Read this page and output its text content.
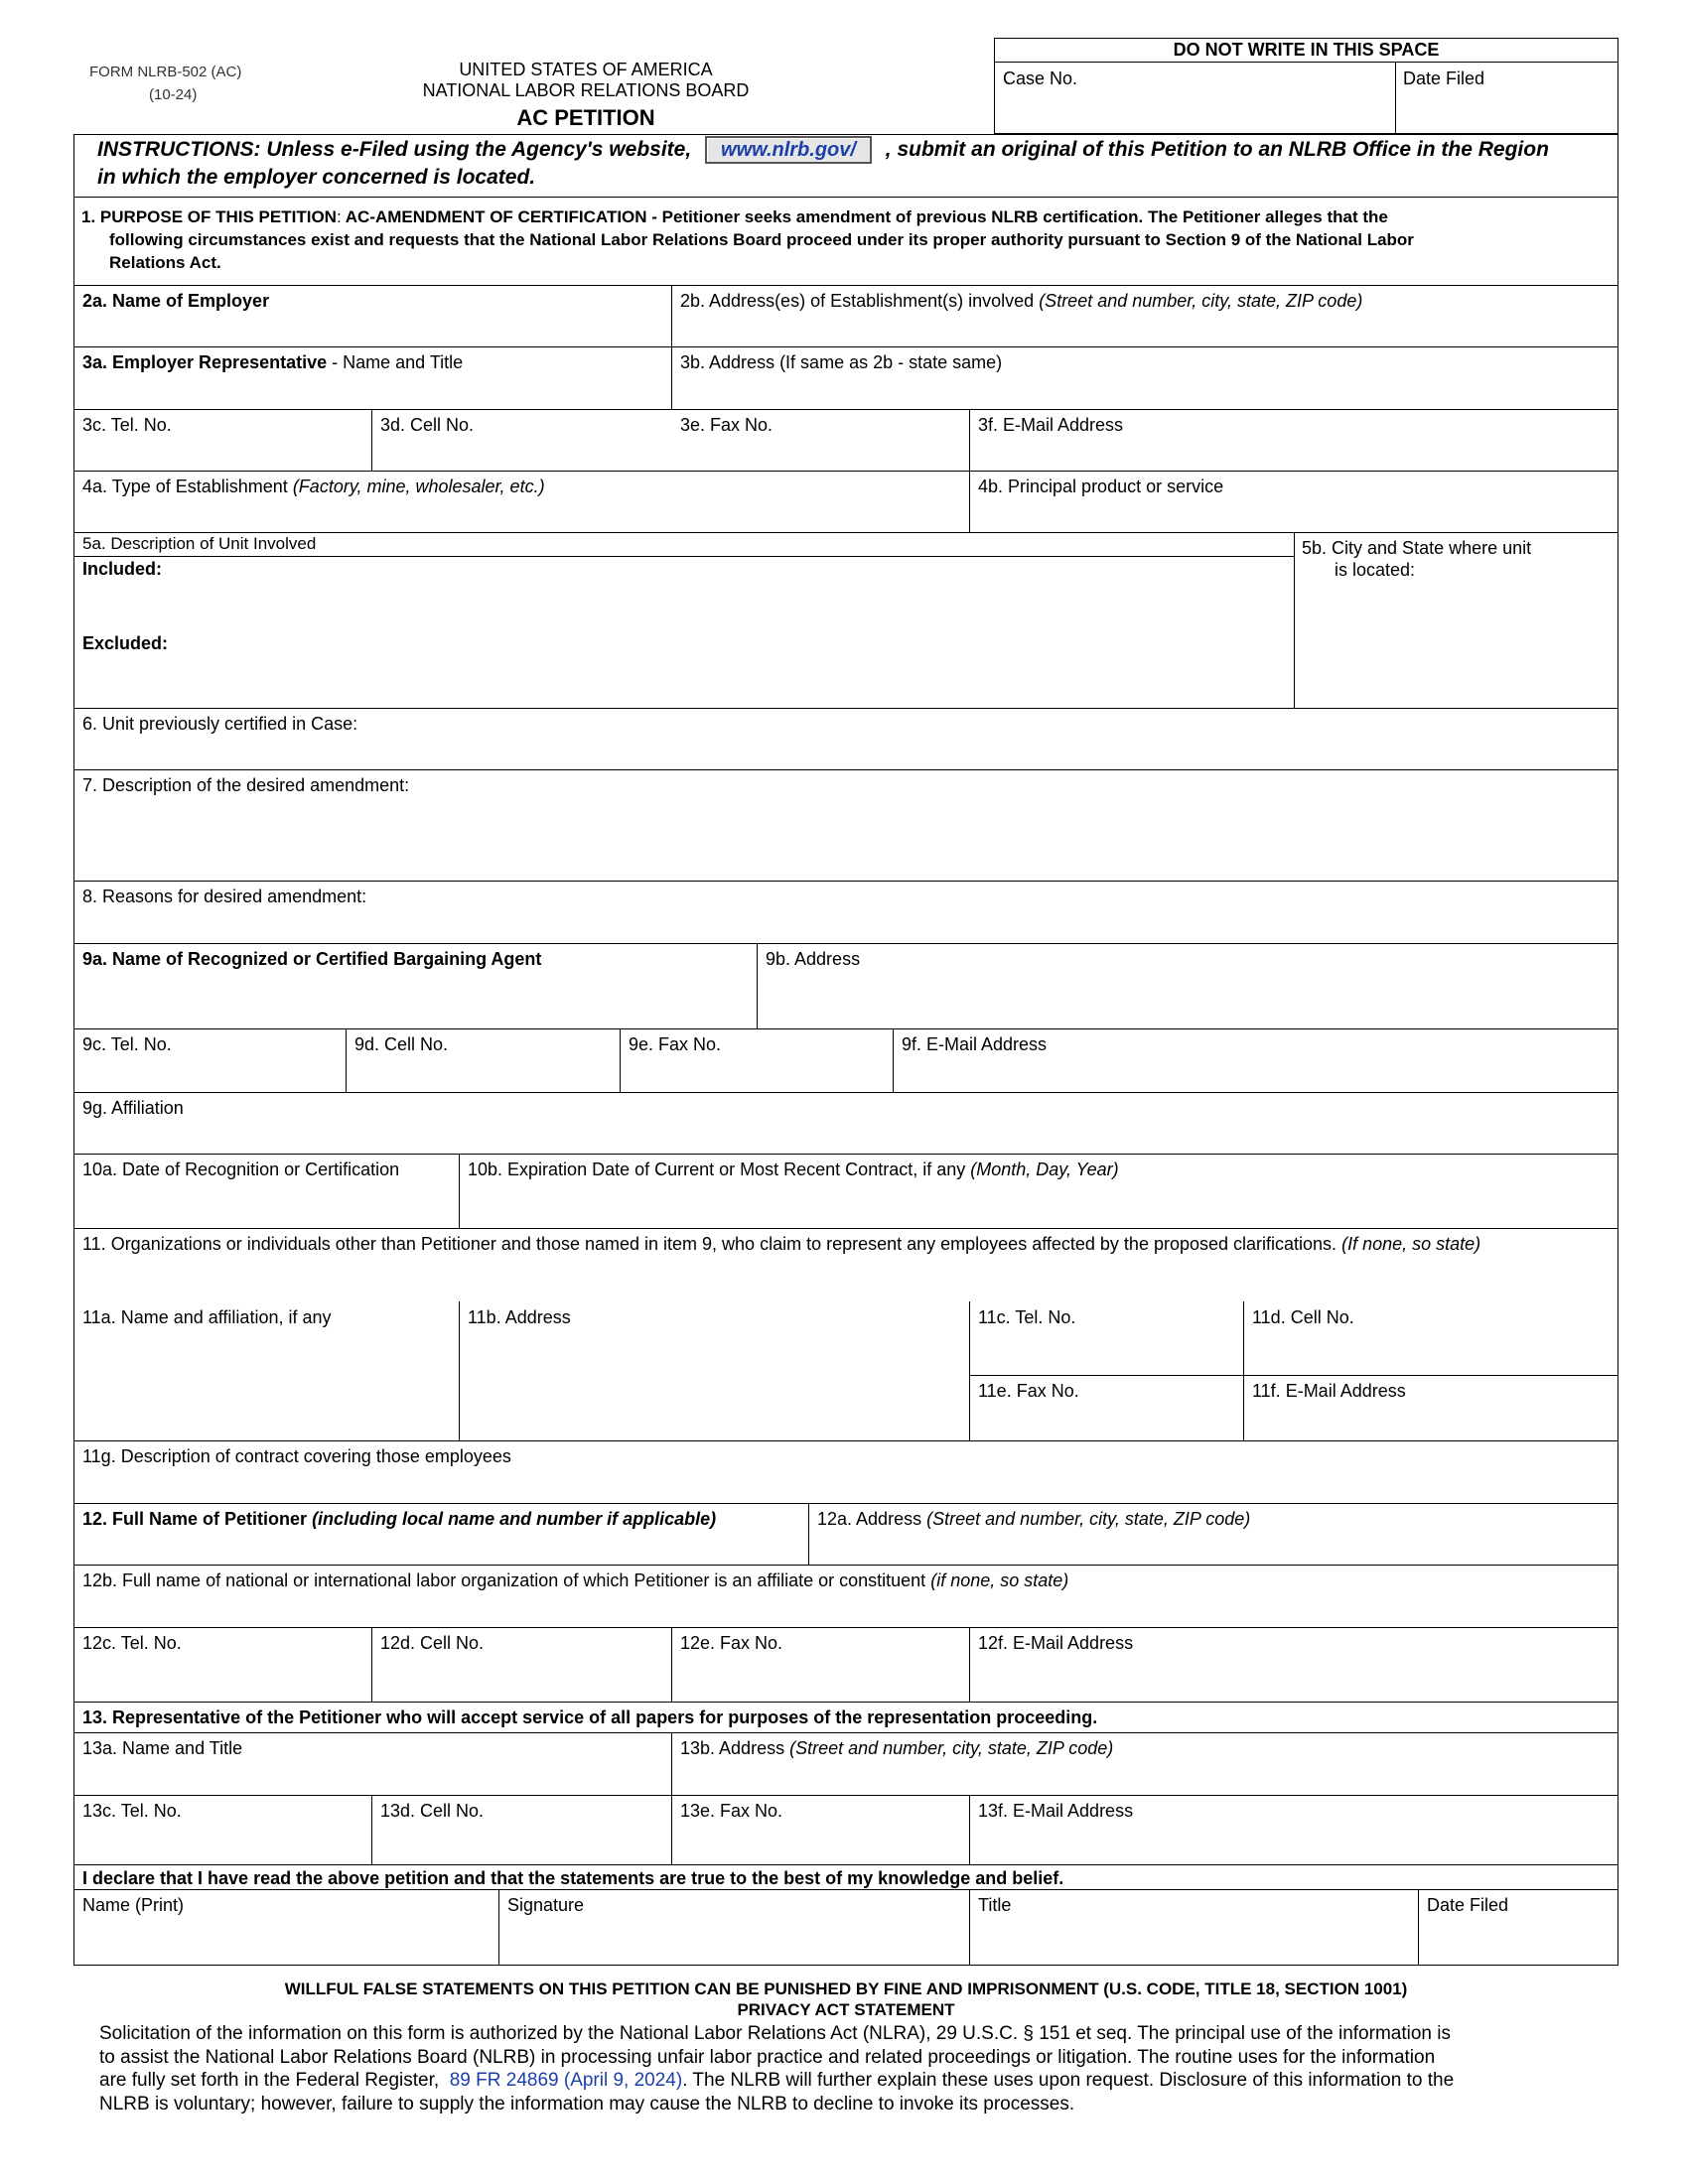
FORM NLRB-502 (AC)
(10-24)
UNITED STATES OF AMERICA
NATIONAL LABOR RELATIONS BOARD
AC PETITION
DO NOT WRITE IN THIS SPACE
Case No.	Date Filed
INSTRUCTIONS: Unless e-Filed using the Agency's website, www.nlrb.gov/ , submit an original of this Petition to an NLRB Office in the Region
in which the employer concerned is located.
1. PURPOSE OF THIS PETITION: AC-AMENDMENT OF CERTIFICATION - Petitioner seeks amendment of previous NLRB certification. The Petitioner alleges that the
following circumstances exist and requests that the National Labor Relations Board proceed under its proper authority pursuant to Section 9 of the National Labor
Relations Act.
2a. Name of Employer	2b. Address(es) of Establishment(s) involved (Street and number, city, state, ZIP code)
3a. Employer Representative - Name and Title	3b. Address (If same as 2b - state same)
3c. Tel. No.	3d. Cell No.	3e. Fax No.	3f. E-Mail Address
4a. Type of Establishment (Factory, mine, wholesaler, etc.)	4b. Principal product or service
5a. Description of Unit Involved
Included:
Excluded:
5b. City and State where unit
is located:
6. Unit previously certified in Case:
7. Description of the desired amendment:
8. Reasons for desired amendment:
9a. Name of Recognized or Certified Bargaining Agent	9b. Address
9c. Tel. No.	9d. Cell No.	9e. Fax No.	9f. E-Mail Address
9g. Affiliation
10a. Date of Recognition or Certification	10b. Expiration Date of Current or Most Recent Contract, if any (Month, Day, Year)
11. Organizations or individuals other than Petitioner and those named in item 9, who claim to represent any employees affected by the proposed clarifications. (If none, so state)
11a. Name and affiliation, if any	11b. Address	11c. Tel. No.	11d. Cell No.
11e. Fax No.	11f. E-Mail Address
11g. Description of contract covering those employees
12. Full Name of Petitioner (including local name and number if applicable)	12a. Address (Street and number, city, state, ZIP code)
12b. Full name of national or international labor organization of which Petitioner is an affiliate or constituent (if none, so state)
12c. Tel. No.	12d. Cell No.	12e. Fax No.	12f. E-Mail Address
13. Representative of the Petitioner who will accept service of all papers for purposes of the representation proceeding.
13a. Name and Title	13b. Address (Street and number, city, state, ZIP code)
13c. Tel. No.	13d. Cell No.	13e. Fax No.	13f. E-Mail Address
I declare that I have read the above petition and that the statements are true to the best of my knowledge and belief.
Name (Print)	Signature	Title	Date Filed
WILLFUL FALSE STATEMENTS ON THIS PETITION CAN BE PUNISHED BY FINE AND IMPRISONMENT (U.S. CODE, TITLE 18, SECTION 1001)
PRIVACY ACT STATEMENT
Solicitation of the information on this form is authorized by the National Labor Relations Act (NLRA), 29 U.S.C. § 151 et seq. The principal use of the information is
to assist the National Labor Relations Board (NLRB) in processing unfair labor practice and related proceedings or litigation. The routine uses for the information
are fully set forth in the Federal Register, 89 FR 24869 (April 9, 2024). The NLRB will further explain these uses upon request. Disclosure of this information to the
NLRB is voluntary; however, failure to supply the information may cause the NLRB to decline to invoke its processes.
